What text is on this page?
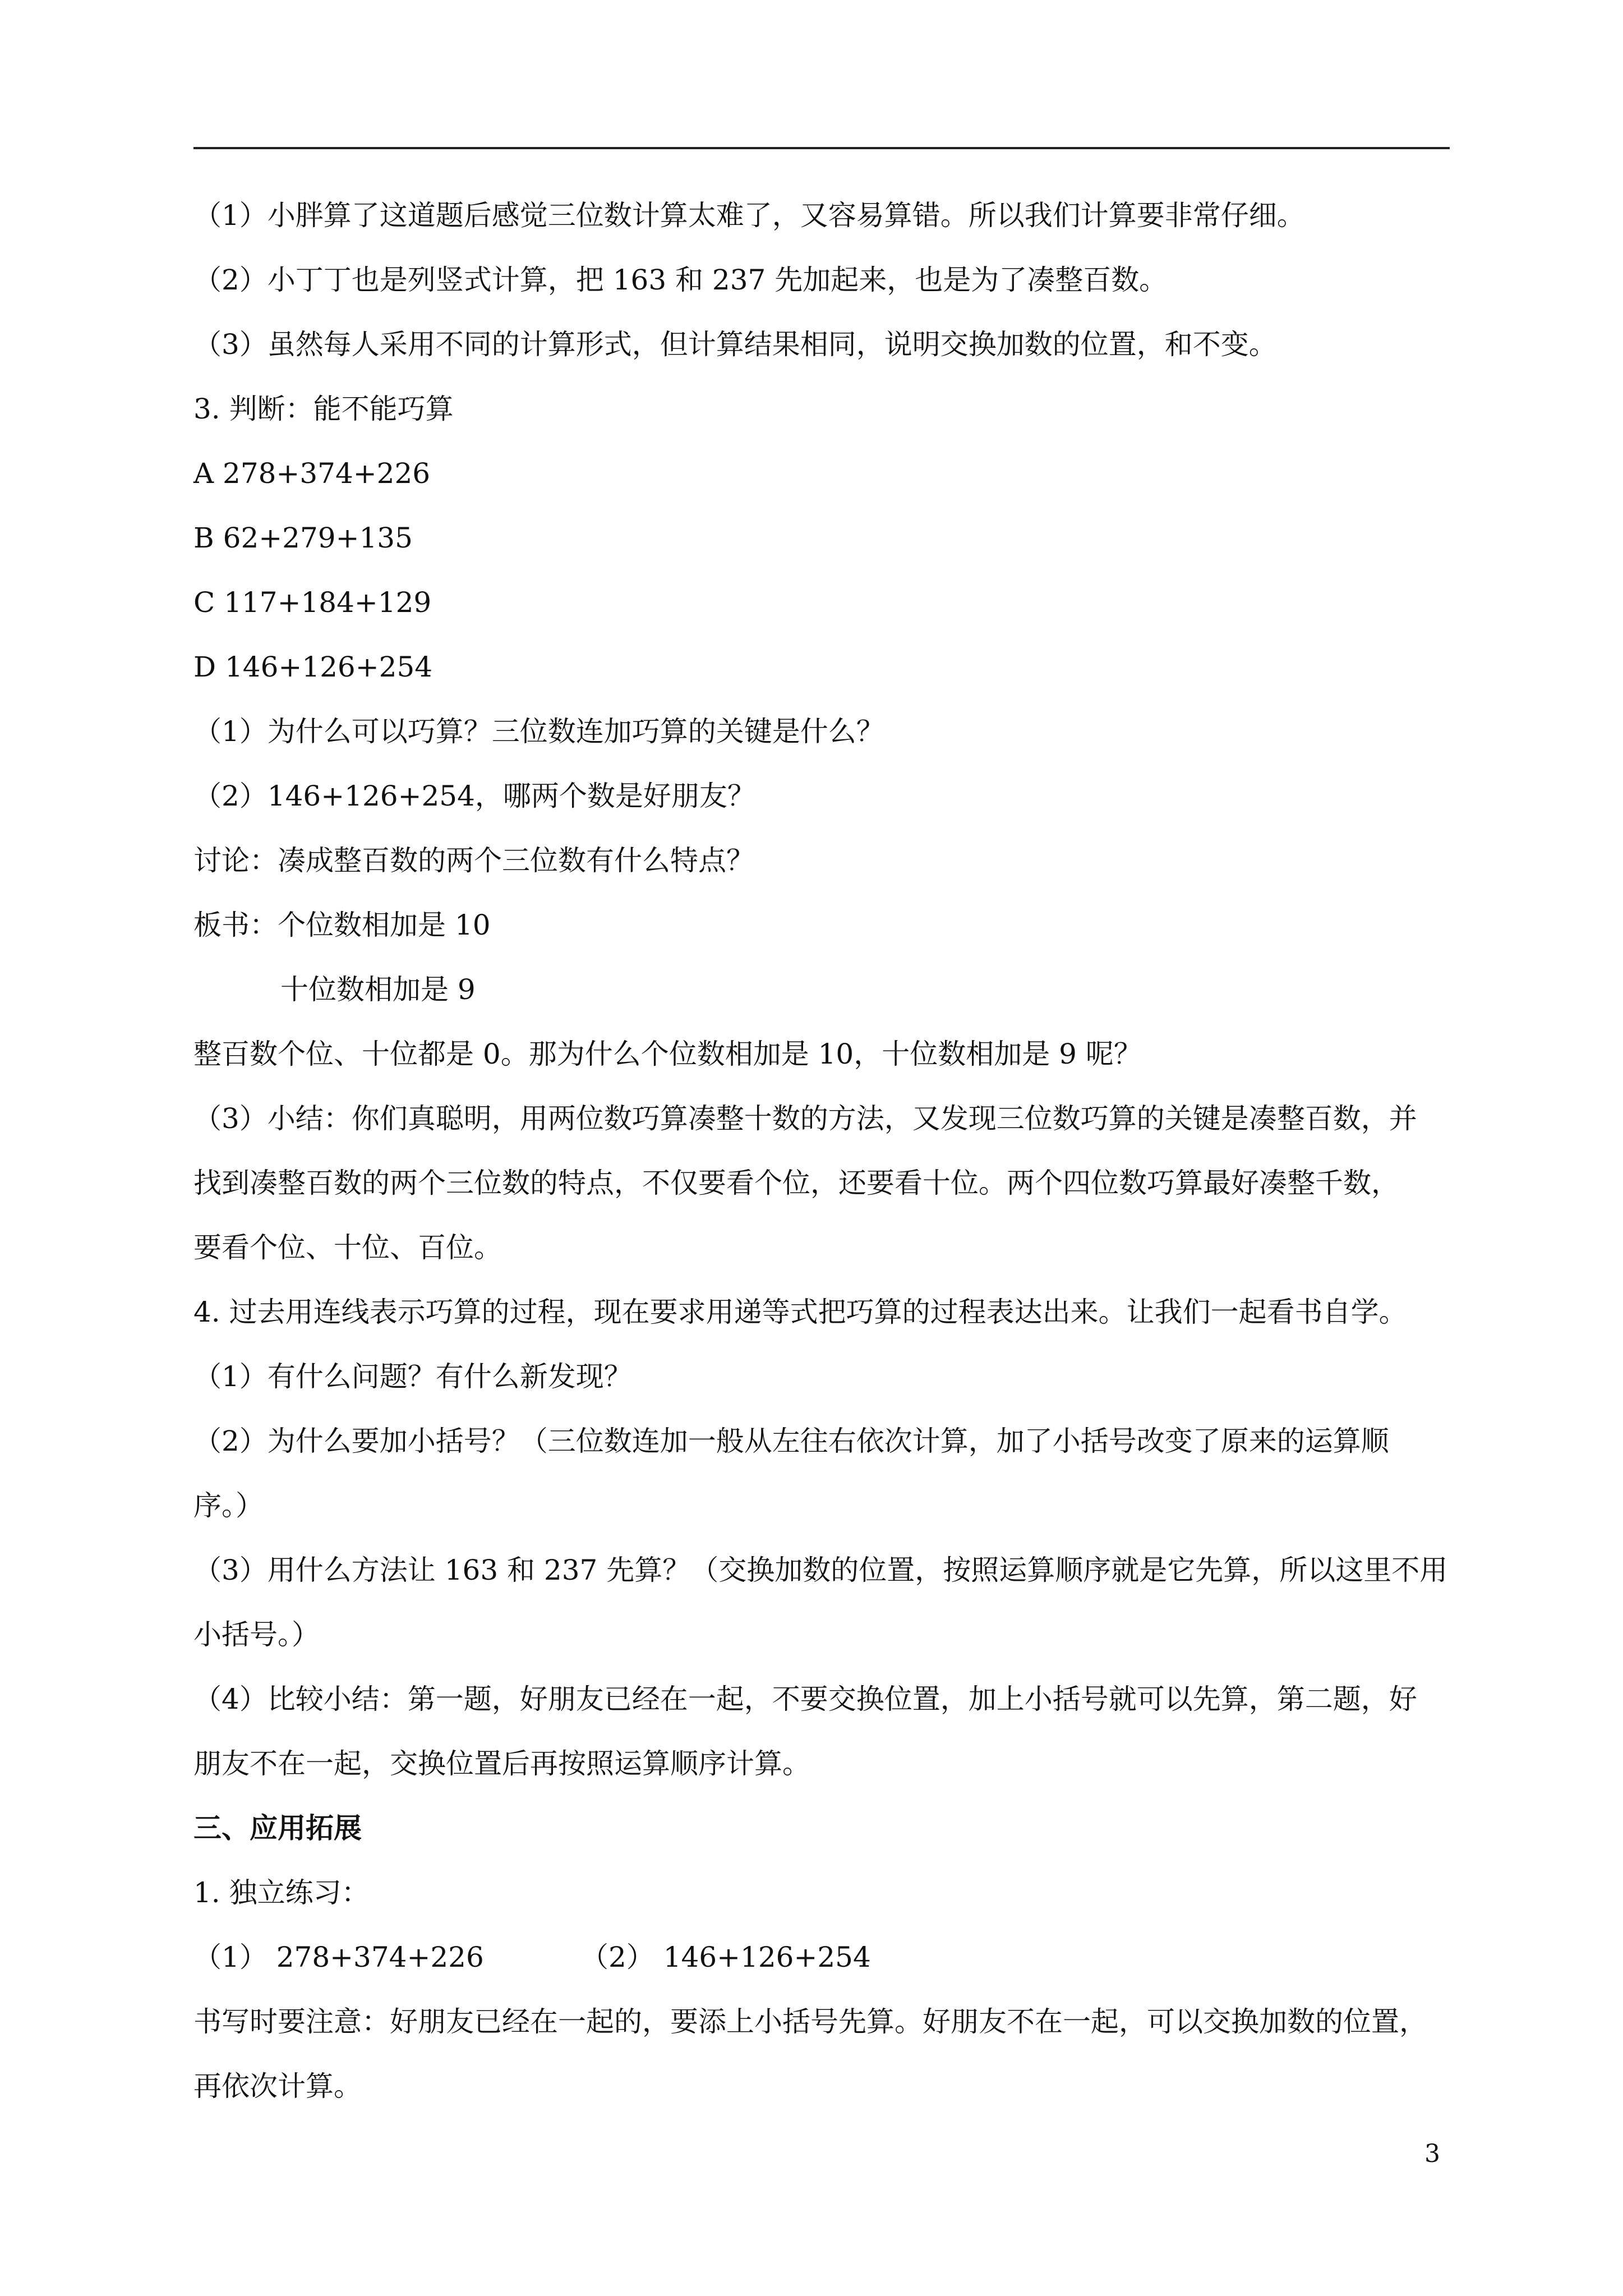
（1）小胖算了这道题后感觉三位数计算太难了，又容易算错。所以我们计算要非常仔细。
（2）小丁丁也是列竖式计算，把 163 和 237 先加起来，也是为了凑整百数。
（3）虽然每人采用不同的计算形式，但计算结果相同，说明交换加数的位置，和不变。
3. 判断：能不能巧算
A 278+374+226
B 62+279+135
C 117+184+129
D 146+126+254
（1）为什么可以巧算？三位数连加巧算的关键是什么？
（2）146+126+254，哪两个数是好朋友？
讨论：凑成整百数的两个三位数有什么特点？
板书：个位数相加是 10
十位数相加是 9
整百数个位、十位都是 0。那为什么个位数相加是 10，十位数相加是 9 呢？
（3）小结：你们真聪明，用两位数巧算凑整十数的方法，又发现三位数巧算的关键是凑整百数，并
找到凑整百数的两个三位数的特点，不仅要看个位，还要看十位。两个四位数巧算最好凑整千数，
要看个位、十位、百位。
4. 过去用连线表示巧算的过程，现在要求用递等式把巧算的过程表达出来。让我们一起看书自学。
（1）有什么问题？有什么新发现？
（2）为什么要加小括号？（三位数连加一般从左往右依次计算，加了小括号改变了原来的运算顺
序。）
（3）用什么方法让 163 和 237 先算？（交换加数的位置，按照运算顺序就是它先算，所以这里不用
小括号。）
（4）比较小结：第一题，好朋友已经在一起，不要交换位置，加上小括号就可以先算，第二题，好
朋友不在一起，交换位置后再按照运算顺序计算。
三、应用拓展
1. 独立练习：
（1） 278+374+226	（2） 146+126+254
书写时要注意：好朋友已经在一起的，要添上小括号先算。好朋友不在一起，可以交换加数的位置，
再依次计算。
3
